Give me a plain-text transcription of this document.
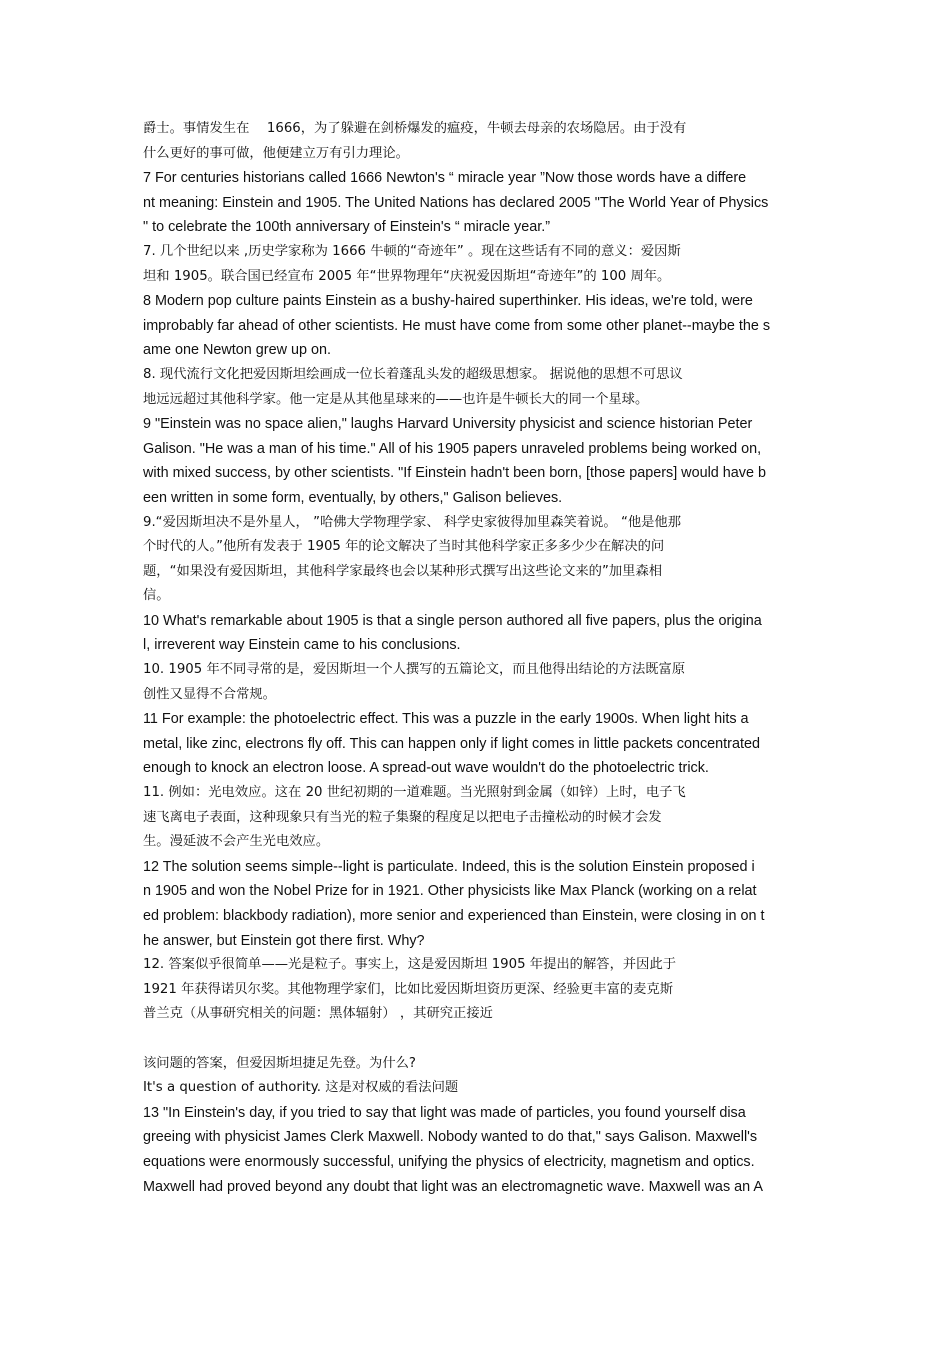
爵士。事情发生在　 1666，为了躲避在剑桥爆发的瘟疫，牛顿去母亲的农场隐居。由于没有
什么更好的事可做，他便建立万有引力理论。
7 For centuries historians called 1666 Newton's “ miracle year ”Now those words have a differe
nt meaning: Einstein and 1905. The United Nations has declared 2005 "The World Year of Physics
" to celebrate the 100th anniversary of Einstein's “ miracle year.”
7. 几个世纪以来 ,历史学家称为 1666 牛顿的“奇迹年” 。现在这些话有不同的意义：爱因斯
坦和 1905。联合国已经宣布 2005 年“世界物理年“庆祝爱因斯坦“奇迹年”的 100 周年。
8 Modern pop culture paints Einstein as a bushy-haired superthinker. His ideas, we're told, were
improbably far ahead of other scientists. He must have come from some other planet--maybe the s
ame one Newton grew up on.
8. 现代流行文化把爱因斯坦绘画成一位长着蓬乱头发的超级思想家。 据说他的思想不可思议
地远远超过其他科学家。他一定是从其他星球来的——也许是牛顿长大的同一个星球。
9 "Einstein was no space alien," laughs Harvard University physicist and science historian Peter
Galison. "He was a man of his time." All of his 1905 papers unraveled problems being worked on,
with mixed success, by other scientists. "If Einstein hadn't been born, [those papers] would have b
een written in some form, eventually, by others," Galison believes.
9.“爱因斯坦决不是外星人， ”哈佛大学物理学家、 科学史家彼得加里森笑着说。 “他是他那
个时代的人。”他所有发表于 1905 年的论文解决了当时其他科学家正多多少少在解决的问
题，“如果没有爱因斯坦，其他科学家最终也会以某种形式撰写出这些论文来的”加里森相
信。
10 What's remarkable about 1905 is that a single person authored all five papers, plus the origina
l, irreverent way Einstein came to his conclusions.
10. 1905 年不同寻常的是，爱因斯坦一个人撰写的五篇论文，而且他得出结论的方法既富原
创性又显得不合常规。
11 For example: the photoelectric effect. This was a puzzle in the early 1900s. When light hits a
metal, like zinc, electrons fly off. This can happen only if light comes in little packets concentrated
enough to knock an electron loose. A spread-out wave wouldn't do the photoelectric trick.
11. 例如：光电效应。这在 20 世纪初期的一道难题。当光照射到金属（如锌）上时，电子飞
速飞离电子表面，这种现象只有当光的粒子集聚的程度足以把电子击撞松动的时候才会发
生。漫延波不会产生光电效应。
12 The solution seems simple--light is particulate. Indeed, this is the solution Einstein proposed i
n 1905 and won the Nobel Prize for in 1921. Other physicists like Max Planck (working on a relat
ed problem: blackbody radiation), more senior and experienced than Einstein, were closing in on t
he answer, but Einstein got there first. Why?
12. 答案似乎很简单——光是粒子。事实上，这是爱因斯坦 1905 年提出的解答，并因此于
1921 年获得诺贝尔奖。其他物理学家们，比如比爱因斯坦资历更深、经验更丰富的麦克斯
普兰克（从事研究相关的问题：黑体辐射） ，其研究正接近
该问题的答案，但爱因斯坦捷足先登。为什么?
It's a question of authority. 这是对权威的看法问题
13 "In Einstein's day, if you tried to say that light was made of particles, you found yourself disa
greeing with physicist James Clerk Maxwell. Nobody wanted to do that," says Galison. Maxwell's
equations were enormously successful, unifying the physics of electricity, magnetism and optics.
Maxwell had proved beyond any doubt that light was an electromagnetic wave. Maxwell was an A
